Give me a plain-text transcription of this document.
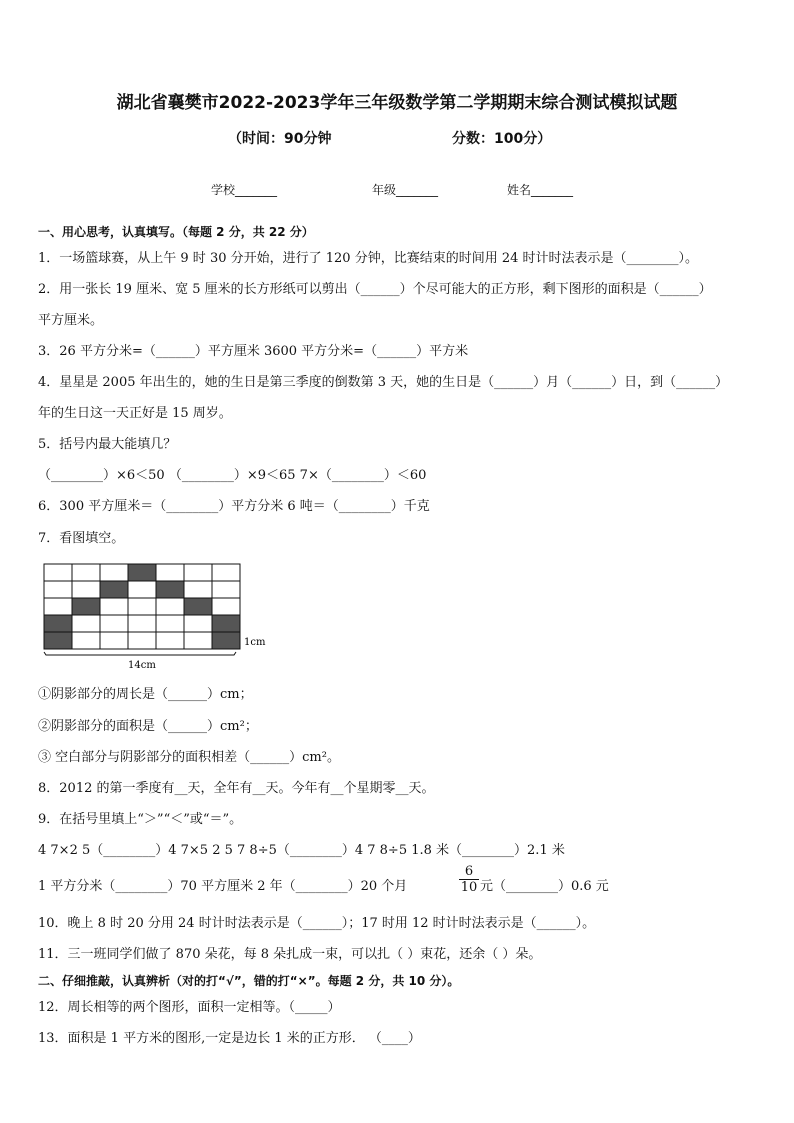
湖北省襄樊市2022-2023学年三年级数学第二学期期末综合测试模拟试题
（时间：90分钟	分数：100分）
学校_______	年级_______	姓名_______
一、用心思考，认真填写。（每题 2 分，共 22 分）
1．一场篮球赛，从上午 9 时 30 分开始，进行了 120 分钟，比赛结束的时间用 24 时计时法表示是（________）。
2．用一张长 19 厘米、宽 5 厘米的长方形纸可以剪出（______）个尽可能大的正方形，剩下图形的面积是（______）
平方厘米。
3．26 平方分米=（______）平方厘米 3600 平方分米=（______）平方米
4．星星是 2005 年出生的，她的生日是第三季度的倒数第 3 天，她的生日是（______）月（______）日，到（______）
年的生日这一天正好是 15 周岁。
5．括号内最大能填几？
（________）×6＜50 （________）×9＜65 7×（________）＜60
6．300 平方厘米＝（________）平方分米 6 吨＝（________）千克
7．看图填空。
1cm
14cm
①阴影部分的周长是（______）cm；
②阴影部分的面积是（______）cm²；
③ 空白部分与阴影部分的面积相差（______）cm²。
8．2012 的第一季度有__天，全年有__天。今年有__个星期零__天。
9．在括号里填上“＞”“＜”或“＝”。
4 7×2 5（________）4 7×5 2 5 7 8÷5（________）4 7 8÷5 1.8 米（________）2.1 米
1 平方分米（________）70 平方厘米 2 年（________）20 个月
6
10 元（________）0.6 元
10．晚上 8 时 20 分用 24 时计时法表示是（______）；17 时用 12 时计时法表示是（______）。
11．三一班同学们做了 870 朵花，每 8 朵扎成一束，可以扎（ ）束花，还余（ ）朵。
二、仔细推敲，认真辨析（对的打“√”，错的打“×”。每题 2 分，共 10 分）。
12．周长相等的两个图形，面积一定相等。（_____）
13．面积是 1 平方米的图形,一定是边长 1 米的正方形． （____）
